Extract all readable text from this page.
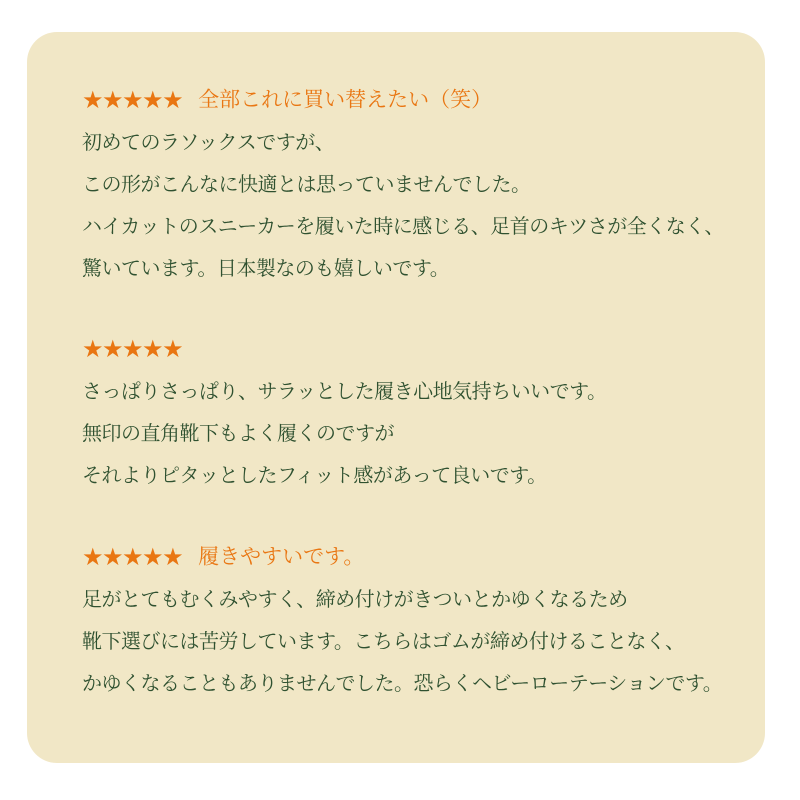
★★★★★ 全部これに買い替えたい（笑）

初めてのラソックスですが、

この形がこんなに快適とは思っていませんでした。

ハイカットのスニーカーを履いた時に感じる、足首のキツさが全くなく、

驚いています。日本製なのも嬉しいです。

★★★★★

さっぱりさっぱり、サラッとした履き心地気持ちいいです。

無印の直角靴下もよく履くのですが

それよりピタッとしたフィット感があって良いです。

★★★★★ 履きやすいです。

足がとてもむくみやすく、締め付けがきついとかゆくなるため

靴下選びには苦労しています。こちらはゴムが締め付けることなく、

かゆくなることもありませんでした。恐らくヘビーローテーションです。
